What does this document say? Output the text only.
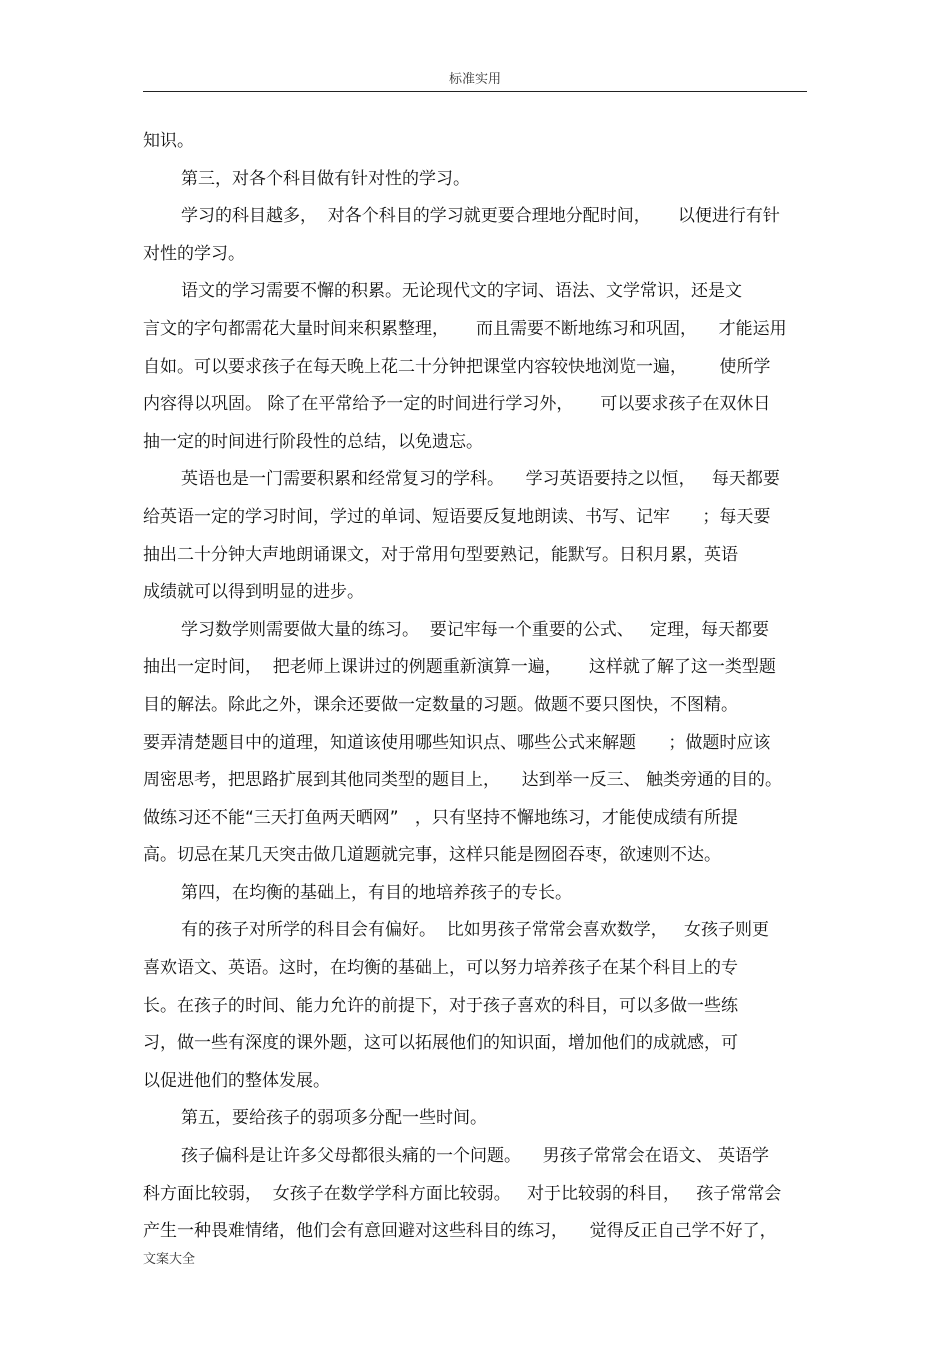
标准实用
知识。
第三，对各个科目做有针对性的学习。
学习的科目越多，  对各个科目的学习就更要合理地分配时间，     以便进行有针
对性的学习。
语文的学习需要不懈的积累。无论现代文的字词、语法、文学常识，还是文
言文的字句都需花大量时间来积累整理，     而且需要不断地练习和巩固，    才能运用
自如。可以要求孩子在每天晚上花二十分钟把课堂内容较快地浏览一遍，      使所学
内容得以巩固。 除了在平常给予一定的时间进行学习外，     可以要求孩子在双休日
抽一定的时间进行阶段性的总结，以免遗忘。
英语也是一门需要积累和经常复习的学科。    学习英语要持之以恒，   每天都要
给英语一定的学习时间，学过的单词、短语要反复地朗读、书写、记牢      ；每天要
抽出二十分钟大声地朗诵课文，对于常用句型要熟记，能默写。日积月累，英语
成绩就可以得到明显的进步。
学习数学则需要做大量的练习。  要记牢每一个重要的公式、   定理，每天都要
抽出一定时间，  把老师上课讲过的例题重新演算一遍，     这样就了解了这一类型题
目的解法。除此之外，课余还要做一定数量的习题。做题不要只图快，不图精。
要弄清楚题目中的道理，知道该使用哪些知识点、哪些公式来解题      ；做题时应该
周密思考，把思路扩展到其他同类型的题目上，    达到举一反三、 触类旁通的目的。
做练习还不能“三天打鱼两天晒网”   ，只有坚持不懈地练习，才能使成绩有所提
高。切忌在某几天突击做几道题就完事，这样只能是囫囵吞枣，欲速则不达。
第四，在均衡的基础上，有目的地培养孩子的专长。
有的孩子对所学的科目会有偏好。  比如男孩子常常会喜欢数学，   女孩子则更
喜欢语文、英语。这时，在均衡的基础上，可以努力培养孩子在某个科目上的专
长。在孩子的时间、能力允许的前提下，对于孩子喜欢的科目，可以多做一些练
习，做一些有深度的课外题，这可以拓展他们的知识面，增加他们的成就感，可
以促进他们的整体发展。
第五，要给孩子的弱项多分配一些时间。
孩子偏科是让许多父母都很头痛的一个问题。    男孩子常常会在语文、 英语学
科方面比较弱，  女孩子在数学学科方面比较弱。   对于比较弱的科目，   孩子常常会
产生一种畏难情绪，他们会有意回避对这些科目的练习，    觉得反正自己学不好了，
文案大全
